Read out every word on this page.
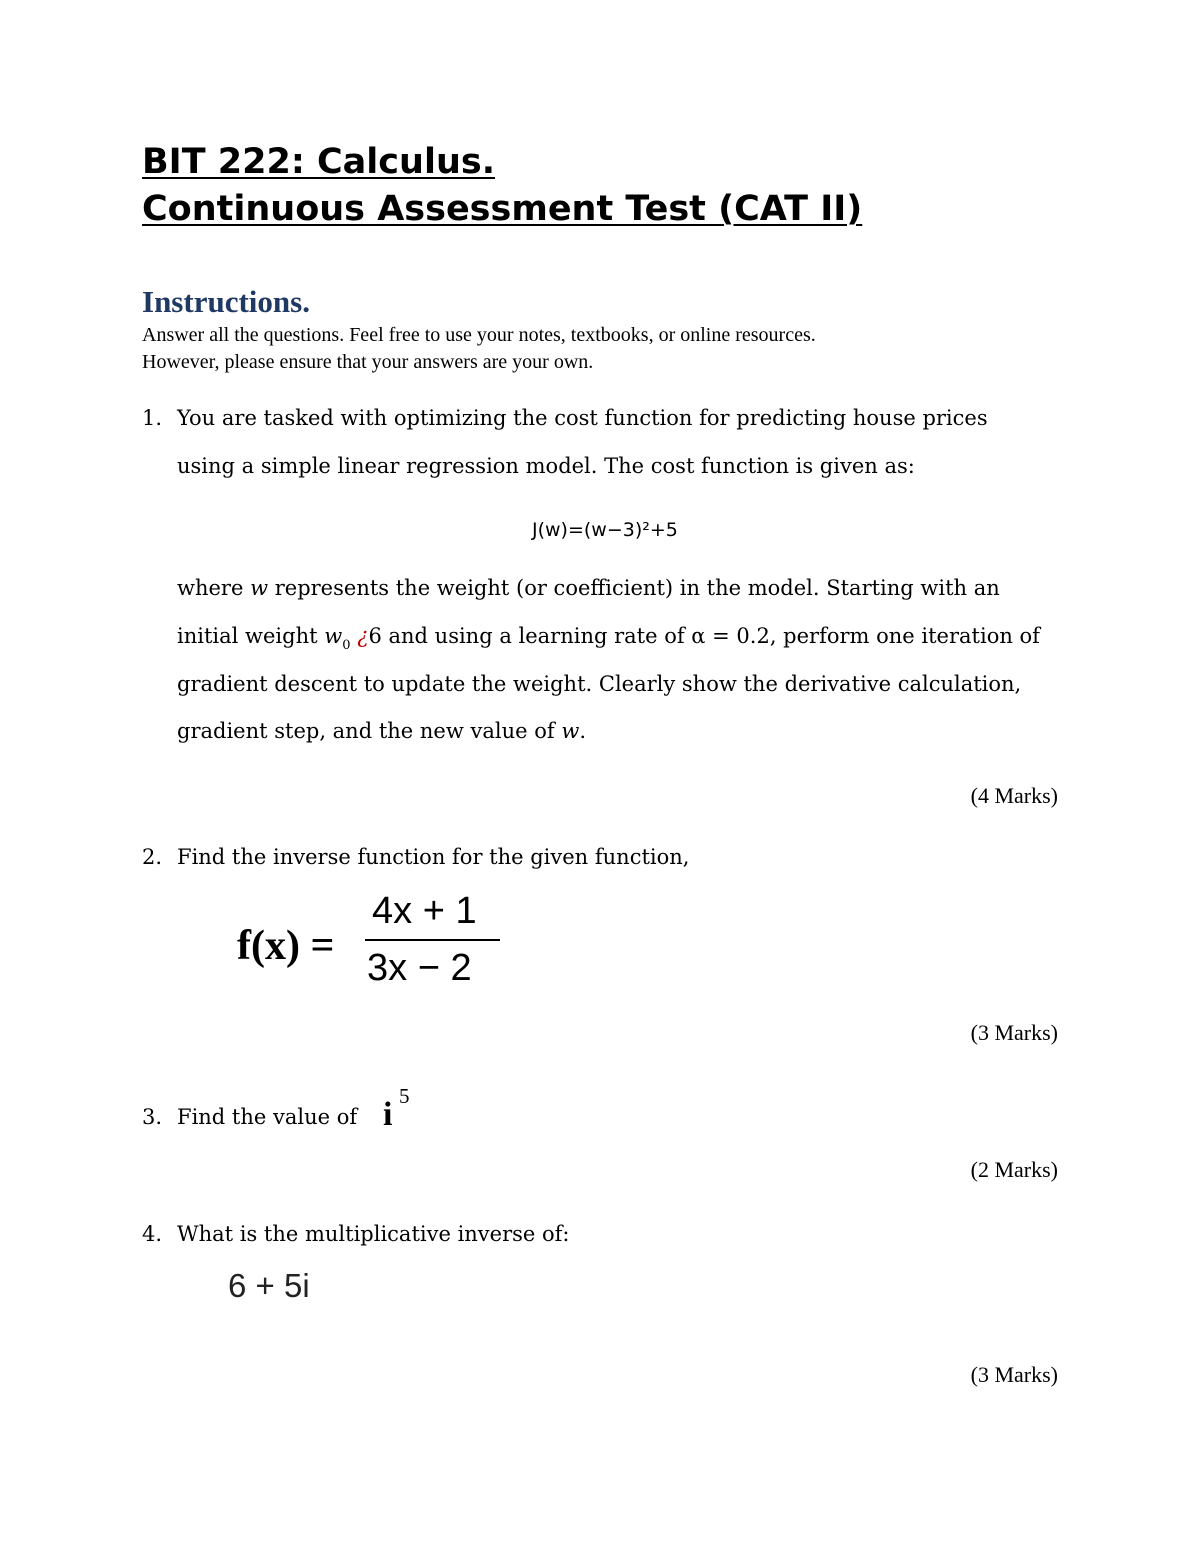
BIT 222: Calculus.
Continuous Assessment Test (CAT II)
Instructions.
Answer all the questions. Feel free to use your notes, textbooks, or online resources.
However, please ensure that your answers are your own.
1. You are tasked with optimizing the cost function for predicting house prices
using a simple linear regression model. The cost function is given as:
J(w)=(w−3)²+5
where w represents the weight (or coefficient) in the model. Starting with an
initial weight $w_0$ ¿6 and using a learning rate of α = 0.2, perform one iteration of
gradient descent to update the weight. Clearly show the derivative calculation,
gradient step, and the new value of w.
(4 Marks)
2. Find the inverse function for the given function,
f(x) =
4x + 1
3x − 2
(3 Marks)
3. Find the value of i 5
(2 Marks)
4. What is the multiplicative inverse of:
6 + 5i
(3 Marks)
